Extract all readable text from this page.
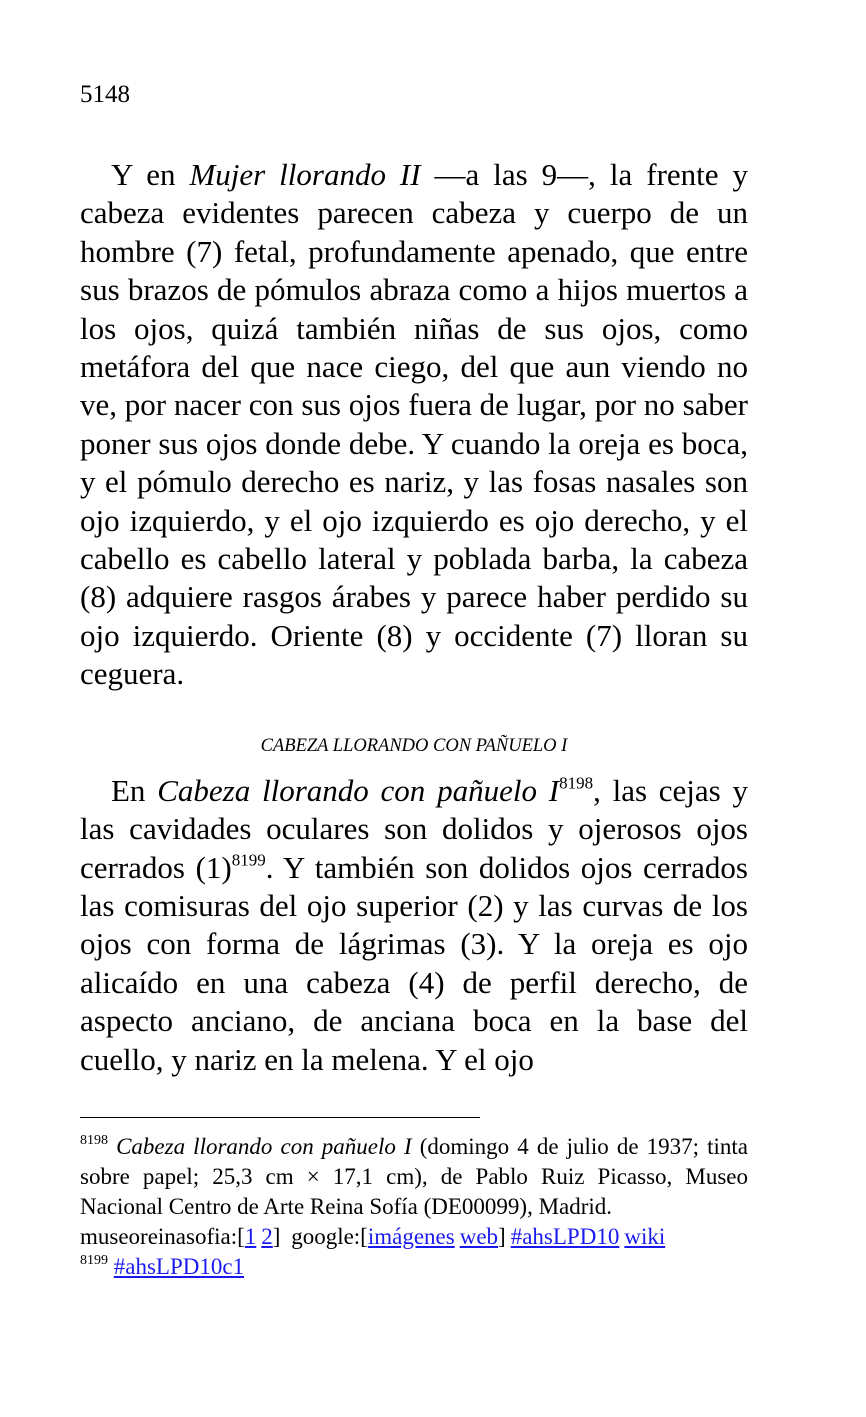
5148

Y en Mujer llorando II —a las 9—, la frente y cabeza evidentes parecen cabeza y cuerpo de un hombre (7) fetal, profundamente apenado, que entre sus brazos de pómulos abraza como a hijos muertos a los ojos, quizá también niñas de sus ojos, como metáfora del que nace ciego, del que aun viendo no ve, por nacer con sus ojos fuera de lugar, por no saber poner sus ojos donde debe. Y cuando la oreja es boca, y el pómulo derecho es nariz, y las fosas nasales son ojo izquierdo, y el ojo izquierdo es ojo derecho, y el cabello es cabello lateral y poblada barba, la cabeza (8) adquiere rasgos árabes y parece haber perdido su ojo izquierdo. Oriente (8) y occidente (7) lloran su ceguera.

CABEZA LLORANDO CON PAÑUELO I

En Cabeza llorando con pañuelo $I^{8198}$, las cejas y las cavidades oculares son dolidos y ojerosos ojos cerrados $(1)^{8199}$. Y también son dolidos ojos cerrados las comisuras del ojo superior (2) y las curvas de los ojos con forma de lágrimas (3). Y la oreja es ojo alicaído en una cabeza (4) de perfil derecho, de aspecto anciano, de anciana boca en la base del cuello, y nariz en la melena. Y el ojo

$^{8198}$ Cabeza llorando con pañuelo I (domingo 4 de julio de 1937; tinta sobre papel; 25,3 cm × 17,1 cm), de Pablo Ruiz Picasso, Museo Nacional Centro de Arte Reina Sofía (DE00099), Madrid.

museoreinasofia:[1 2] google:[imágenes web] #ahsLPD10 wiki

$^{8199}$ #ahsLPD10c1
